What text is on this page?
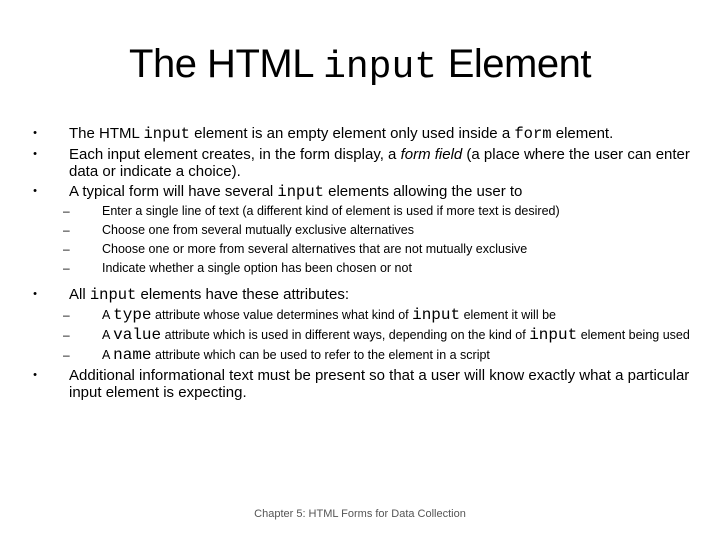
The HTML input Element
• The HTML input element is an empty element only used inside a form element.
• Each input element creates, in the form display, a form field (a place where the user can enter data or indicate a choice).
• A typical form will have several input elements allowing the user to
–	Enter a single line of text (a different kind of element is used if more text is desired)
–	Choose one from several mutually exclusive alternatives
–	Choose one or more from several alternatives that are not mutually exclusive
–	Indicate whether a single option has been chosen or not
• All input elements have these attributes:
–	A type attribute whose value determines what kind of input element it will be
–	A value attribute which is used in different ways, depending on the kind of input element being used
–	A name attribute which can be used to refer to the element in a script
• Additional informational text must be present so that a user will know exactly what a particular input element is expecting.
Chapter 5: HTML Forms for Data Collection
